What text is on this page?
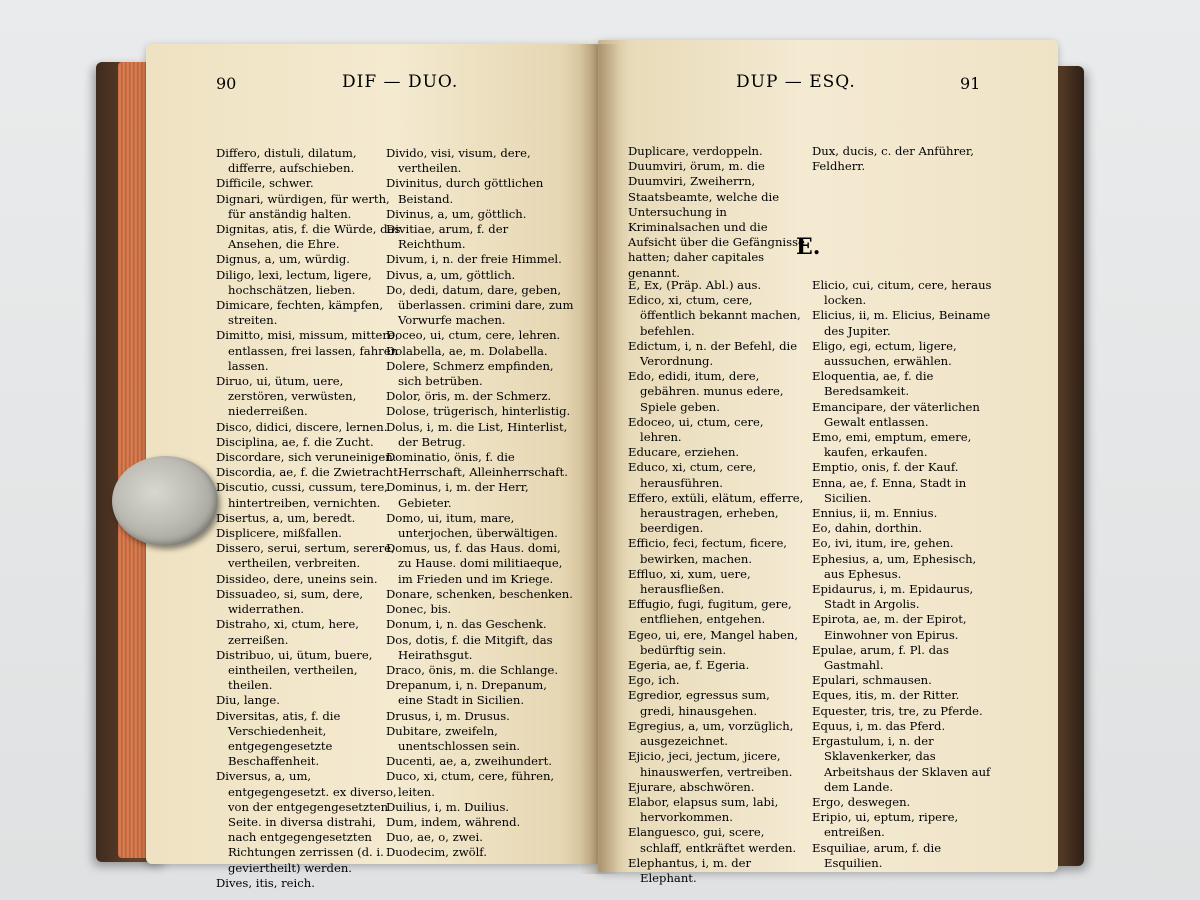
90	DIF — DUO.

Differo, distuli, dilatum, differre, aufschieben.

Difficile, schwer.

Dignari, würdigen, für werth, für anständig halten.

Dignitas, atis, f. die Würde, das Ansehen, die Ehre.

Dignus, a, um, würdig.

Diligo, lexi, lectum, ligere, hochschätzen, lieben.

Dimicare, fechten, kämpfen, streiten.

Dimitto, misi, missum, mittere, entlassen, frei lassen, fahren lassen.

Diruo, ui, ütum, uere, zerstören, verwüsten, niederreißen.

Disco, didici, discere, lernen.

Disciplina, ae, f. die Zucht.

Discordare, sich veruneinigen.

Discordia, ae, f. die Zwietracht.

Discutio, cussi, cussum, tere, hintertreiben, vernichten.

Disertus, a, um, beredt.

Displicere, mißfallen.

Dissero, serui, sertum, serere, vertheilen, verbreiten.

Dissideo, dere, uneins sein.

Dissuadeo, si, sum, dere, widerrathen.

Distraho, xi, ctum, here, zerreißen.

Distribuo, ui, ütum, buere, eintheilen, vertheilen, theilen.

Diu, lange.

Diversitas, atis, f. die Verschiedenheit, entgegengesetzte Beschaffenheit.

Diversus, a, um, entgegengesetzt. ex diverso, von der entgegengesetzten Seite. in diversa distrahi, nach entgegengesetzten Richtungen zerrissen (d. i. geviertheilt) werden.

Dives, itis, reich.

Divido, visi, visum, dere, vertheilen.

Divinitus, durch göttlichen Beistand.

Divinus, a, um, göttlich.

Divitiae, arum, f. der Reichthum.

Divum, i, n. der freie Himmel.

Divus, a, um, göttlich.

Do, dedi, datum, dare, geben, überlassen. crimini dare, zum Vorwurfe machen.

Doceo, ui, ctum, cere, lehren.

Dolabella, ae, m. Dolabella.

Dolere, Schmerz empfinden, sich betrüben.

Dolor, öris, m. der Schmerz.

Dolose, trügerisch, hinterlistig.

Dolus, i, m. die List, Hinterlist, der Betrug.

Dominatio, önis, f. die Herrschaft, Alleinherrschaft.

Dominus, i, m. der Herr, Gebieter.

Domo, ui, itum, mare, unterjochen, überwältigen.

Domus, us, f. das Haus. domi, zu Hause. domi militiaeque, im Frieden und im Kriege.

Donare, schenken, beschenken.

Donec, bis.

Donum, i, n. das Geschenk.

Dos, dotis, f. die Mitgift, das Heirathsgut.

Draco, önis, m. die Schlange.

Drepanum, i, n. Drepanum, eine Stadt in Sicilien.

Drusus, i, m. Drusus.

Dubitare, zweifeln, unentschlossen sein.

Ducenti, ae, a, zweihundert.

Duco, xi, ctum, cere, führen, leiten.

Duilius, i, m. Duilius.

Dum, indem, während.

Duo, ae, o, zwei.

Duodecim, zwölf.

DUP — ESQ.	91
Duplicare, verdoppeln. Duumviri, örum, m. die Duumviri, Zweiherrn, Staatsbeamte, welche die Untersuchung in Kriminalsachen und die Aufsicht über die Gefängnisse hatten; daher capitales genannt.
Dux, ducis, c. der Anführer, Feldherr.
E.

E, Ex, (Präp. Abl.) aus.

Edico, xi, ctum, cere, öffentlich bekannt machen, befehlen.

Edictum, i, n. der Befehl, die Verordnung.

Edo, edidi, itum, dere, gebähren. munus edere, Spiele geben.

Edoceo, ui, ctum, cere, lehren.

Educare, erziehen.

Educo, xi, ctum, cere, herausführen.

Effero, extüli, elätum, efferre, heraustragen, erheben, beerdigen.

Efficio, feci, fectum, ficere, bewirken, machen.

Effluo, xi, xum, uere, herausfließen.

Effugio, fugi, fugitum, gere, entfliehen, entgehen.

Egeo, ui, ere, Mangel haben, bedürftig sein.

Egeria, ae, f. Egeria.

Ego, ich.

Egredior, egressus sum, gredi, hinausgehen.

Egregius, a, um, vorzüglich, ausgezeichnet.

Ejicio, jeci, jectum, jicere, hinauswerfen, vertreiben.

Ejurare, abschwören.

Elabor, elapsus sum, labi, hervorkommen.

Elanguesco, gui, scere, schlaff, entkräftet werden.

Elephantus, i, m. der Elephant.

Elicio, cui, citum, cere, heraus locken.

Elicius, ii, m. Elicius, Beiname des Jupiter.

Eligo, egi, ectum, ligere, aussuchen, erwählen.

Eloquentia, ae, f. die Beredsamkeit.

Emancipare, der väterlichen Gewalt entlassen.

Emo, emi, emptum, emere, kaufen, erkaufen.

Emptio, onis, f. der Kauf.

Enna, ae, f. Enna, Stadt in Sicilien.

Ennius, ii, m. Ennius.

Eo, dahin, dorthin.

Eo, ivi, itum, ire, gehen.

Ephesius, a, um, Ephesisch, aus Ephesus.

Epidaurus, i, m. Epidaurus, Stadt in Argolis.

Epirota, ae, m. der Epirot, Einwohner von Epirus.

Epulae, arum, f. Pl. das Gastmahl.

Epulari, schmausen.

Eques, itis, m. der Ritter.

Equester, tris, tre, zu Pferde.

Equus, i, m. das Pferd.

Ergastulum, i, n. der Sklavenkerker, das Arbeitshaus der Sklaven auf dem Lande.

Ergo, deswegen.

Eripio, ui, eptum, ripere, entreißen.

Esquiliae, arum, f. die Esquilien.
